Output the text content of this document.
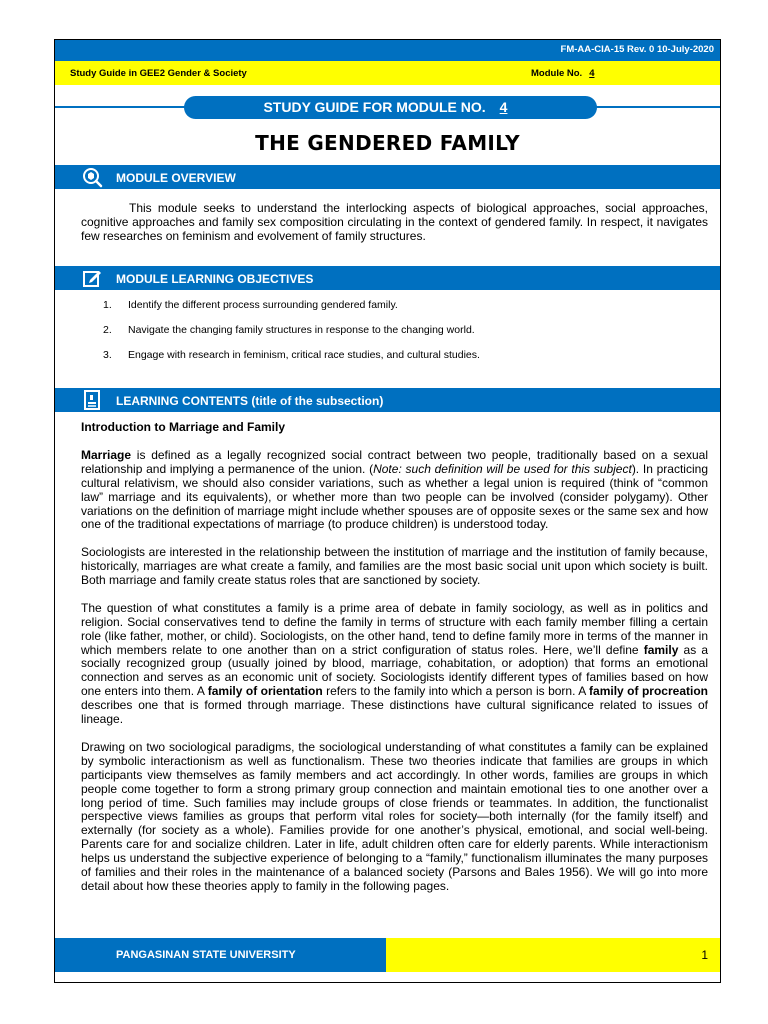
FM-AA-CIA-15 Rev. 0 10-July-2020
Study Guide in GEE2 Gender & Society	Module No. 4
STUDY GUIDE FOR MODULE NO. 4
THE GENDERED FAMILY
MODULE OVERVIEW

This module seeks to understand the interlocking aspects of biological approaches, social approaches, cognitive approaches and family sex composition circulating in the context of gendered family. In respect, it navigates few researches on feminism and evolvement of family structures.

MODULE LEARNING OBJECTIVES
1. Identify the different process surrounding gendered family.
2. Navigate the changing family structures in response to the changing world.
3. Engage with research in feminism, critical race studies, and cultural studies.
LEARNING CONTENTS (title of the subsection)

Introduction to Marriage and Family

Marriage is defined as a legally recognized social contract between two people, traditionally based on a sexual relationship and implying a permanence of the union. (Note: such definition will be used for this subject). In practicing cultural relativism, we should also consider variations, such as whether a legal union is required (think of “common law” marriage and its equivalents), or whether more than two people can be involved (consider polygamy). Other variations on the definition of marriage might include whether spouses are of opposite sexes or the same sex and how one of the traditional expectations of marriage (to produce children) is understood today.

Sociologists are interested in the relationship between the institution of marriage and the institution of family because, historically, marriages are what create a family, and families are the most basic social unit upon which society is built. Both marriage and family create status roles that are sanctioned by society.

The question of what constitutes a family is a prime area of debate in family sociology, as well as in politics and religion. Social conservatives tend to define the family in terms of structure with each family member filling a certain role (like father, mother, or child). Sociologists, on the other hand, tend to define family more in terms of the manner in which members relate to one another than on a strict configuration of status roles. Here, we’ll define family as a socially recognized group (usually joined by blood, marriage, cohabitation, or adoption) that forms an emotional connection and serves as an economic unit of society. Sociologists identify different types of families based on how one enters into them. A family of orientation refers to the family into which a person is born. A family of procreation describes one that is formed through marriage. These distinctions have cultural significance related to issues of lineage.

Drawing on two sociological paradigms, the sociological understanding of what constitutes a family can be explained by symbolic interactionism as well as functionalism. These two theories indicate that families are groups in which participants view themselves as family members and act accordingly. In other words, families are groups in which people come together to form a strong primary group connection and maintain emotional ties to one another over a long period of time. Such families may include groups of close friends or teammates. In addition, the functionalist perspective views families as groups that perform vital roles for society—both internally (for the family itself) and externally (for society as a whole). Families provide for one another’s physical, emotional, and social well-being. Parents care for and socialize children. Later in life, adult children often care for elderly parents. While interactionism helps us understand the subjective experience of belonging to a “family,” functionalism illuminates the many purposes of families and their roles in the maintenance of a balanced society (Parsons and Bales 1956). We will go into more detail about how these theories apply to family in the following pages.

PANGASINAN STATE UNIVERSITY	1
